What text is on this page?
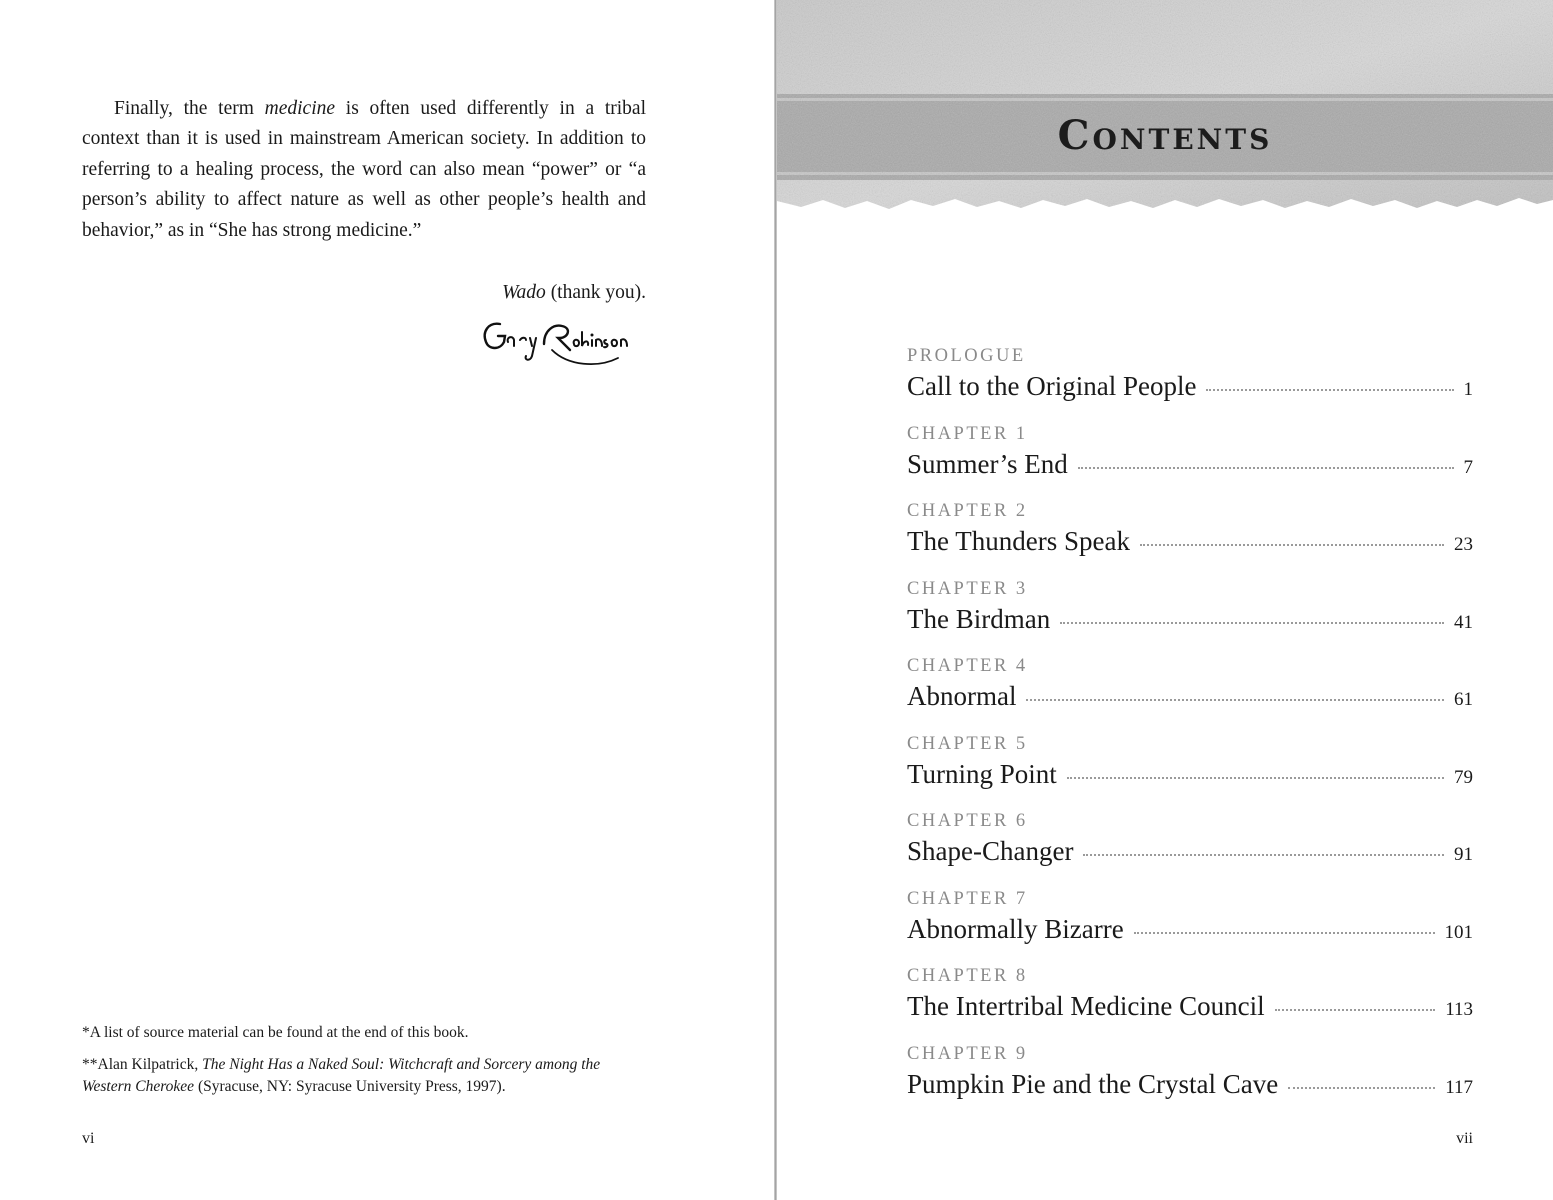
Finally, the term medicine is often used differently in a tribal context than it is used in mainstream American society. In addition to referring to a healing process, the word can also mean “power” or “a person’s ability to affect nature as well as other people’s health and behavior,” as in “She has strong medicine.”

Wado (thank you).

*A list of source material can be found at the end of this book.

**Alan Kilpatrick, The Night Has a Naked Soul: Witchcraft and Sorcery among the Western Cherokee (Syracuse, NY: Syracuse University Press, 1997).

vi
Contents
PROLOGUE
Call to the Original People	1
CHAPTER 1
Summer’s End	7
CHAPTER 2
The Thunders Speak	23
CHAPTER 3
The Birdman	41
CHAPTER 4
Abnormal	61
CHAPTER 5
Turning Point	79
CHAPTER 6
Shape-Changer	91
CHAPTER 7
Abnormally Bizarre	101
CHAPTER 8
The Intertribal Medicine Council	113
CHAPTER 9
Pumpkin Pie and the Crystal Cave	117
vii
